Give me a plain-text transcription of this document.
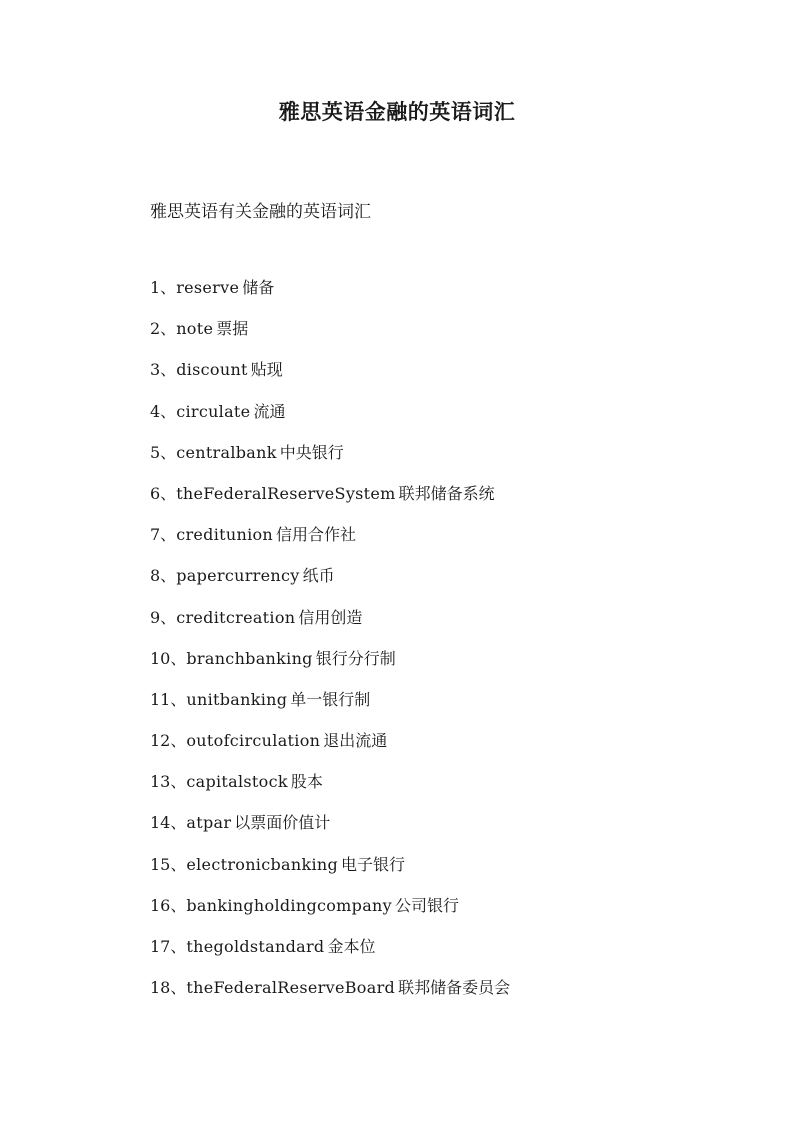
雅思英语金融的英语词汇

雅思英语有关金融的英语词汇

1、reserve 储备
2、note 票据
3、discount 贴现
4、circulate 流通
5、centralbank 中央银行
6、theFederalReserveSystem 联邦储备系统
7、creditunion 信用合作社
8、papercurrency 纸币
9、creditcreation 信用创造
10、branchbanking 银行分行制
11、unitbanking 单一银行制
12、outofcirculation 退出流通
13、capitalstock 股本
14、atpar 以票面价值计
15、electronicbanking 电子银行
16、bankingholdingcompany 公司银行
17、thegoldstandard 金本位
18、theFederalReserveBoard 联邦储备委员会
